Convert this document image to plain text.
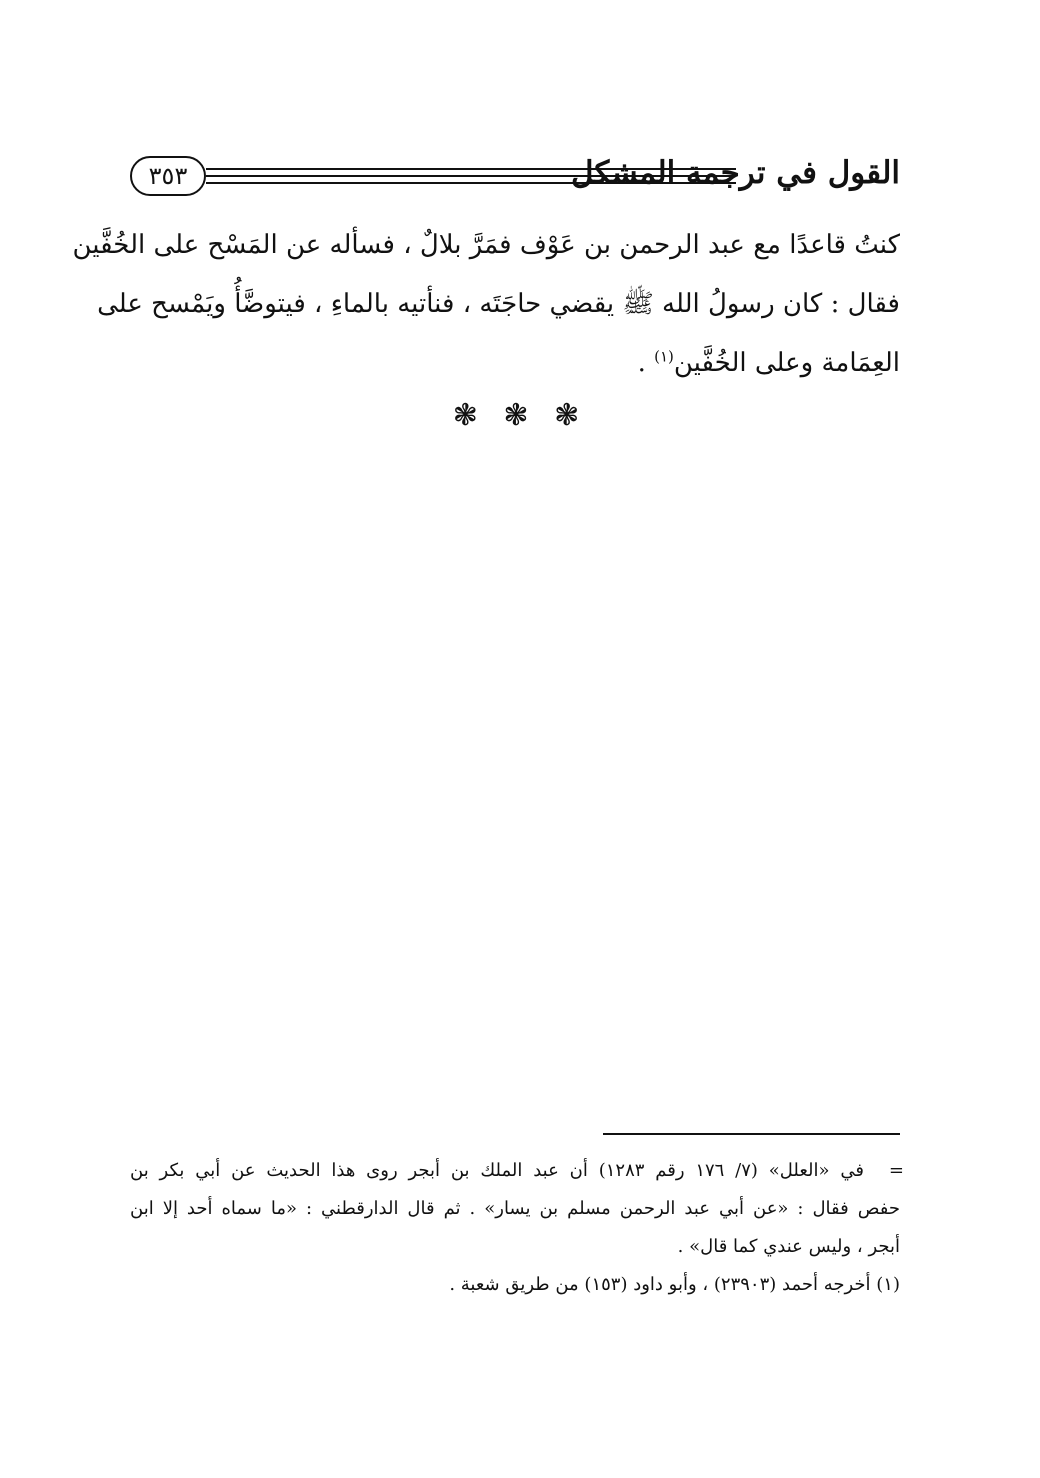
٣٥٣	القول في ترجمة المشكل
كنتُ قاعدًا مع عبد الرحمن بن عَوْف فمَرَّ بلالٌ ، فسأله عن المَسْح على الخُفَّين
فقال : كان رسولُ الله ﷺ يقضي حاجَتَه ، فنأتيه بالماءِ ، فيتوضَّأُ ويَمْسح على
العِمَامة وعلى الخُفَّين$^{(١)}$ .
❃ ❃ ❃
=
في «العلل» (٧/ ١٧٦ رقم ١٢٨٣) أن عبد الملك بن أبجر روى هذا الحديث عن أبي بكر بن
حفص فقال : «عن أبي عبد الرحمن مسلم بن يسار» . ثم قال الدارقطني : «ما سماه أحد إلا ابن
أبجر ، وليس عندي كما قال» .
(١) أخرجه أحمد (٢٣٩٠٣) ، وأبو داود (١٥٣) من طريق شعبة .
